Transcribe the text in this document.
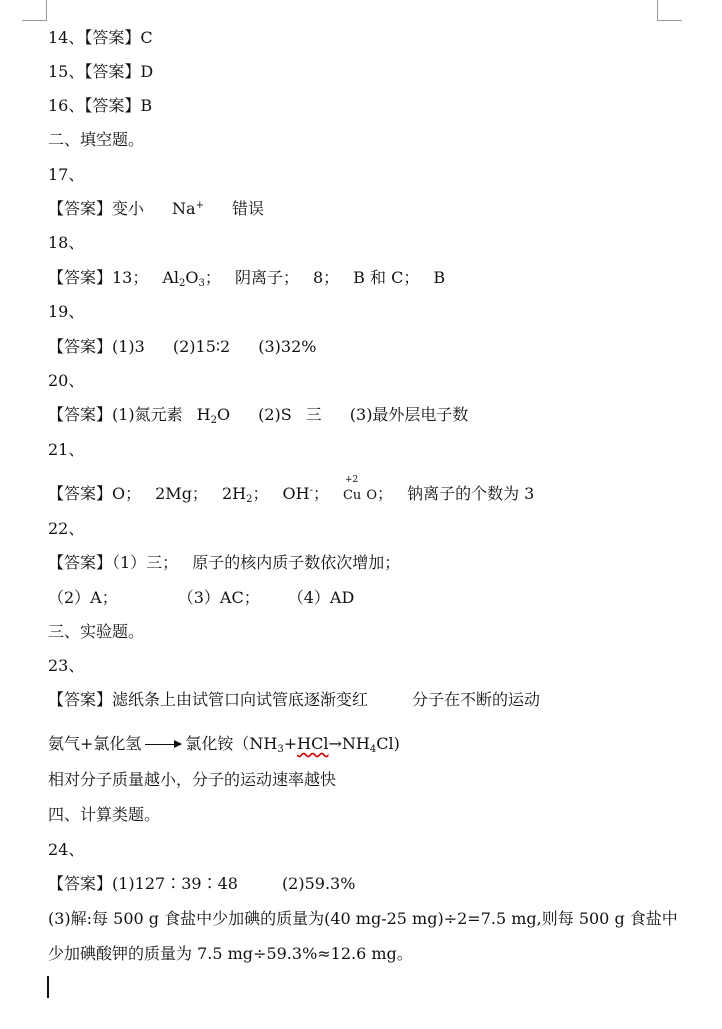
14、【答案】C
15、【答案】D
16、【答案】B
二、填空题。
17、
【答案】变小 Na+ 错误
18、
【答案】13； $Al_2O_3$； 阴离子； 8； B 和 C； B
19、
【答案】(1)3 (2)15∶2 (3)32%
20、
【答案】(1)氮元素 $H_2O$ (2)S 三 (3)最外层电子数
21、
【答案】O； 2Mg； $2H_2$； OH-；
+2
Cu O； 钠离子的个数为 3
22、
【答案】（1）三； 原子的核内质子数依次增加；
（2）A；	（3）AC； （4）AD
三、实验题。
23、
【答案】滤纸条上由试管口向试管底逐渐变红	分子在不断的运动
氨气+氯化氢 → 氯化铵$(NH_3+HCl\to NH_4Cl)$
相对分子质量越小，分子的运动速率越快
四、计算类题。
24、
【答案】(1)127∶39∶48	(2)59.3%
(3)解:每 500 g 食盐中少加碘的质量为(40 mg-25 mg)÷2=7.5 mg,则每 500 g 食盐中
少加碘酸钾的质量为 7.5 mg÷59.3%≈12.6 mg。
